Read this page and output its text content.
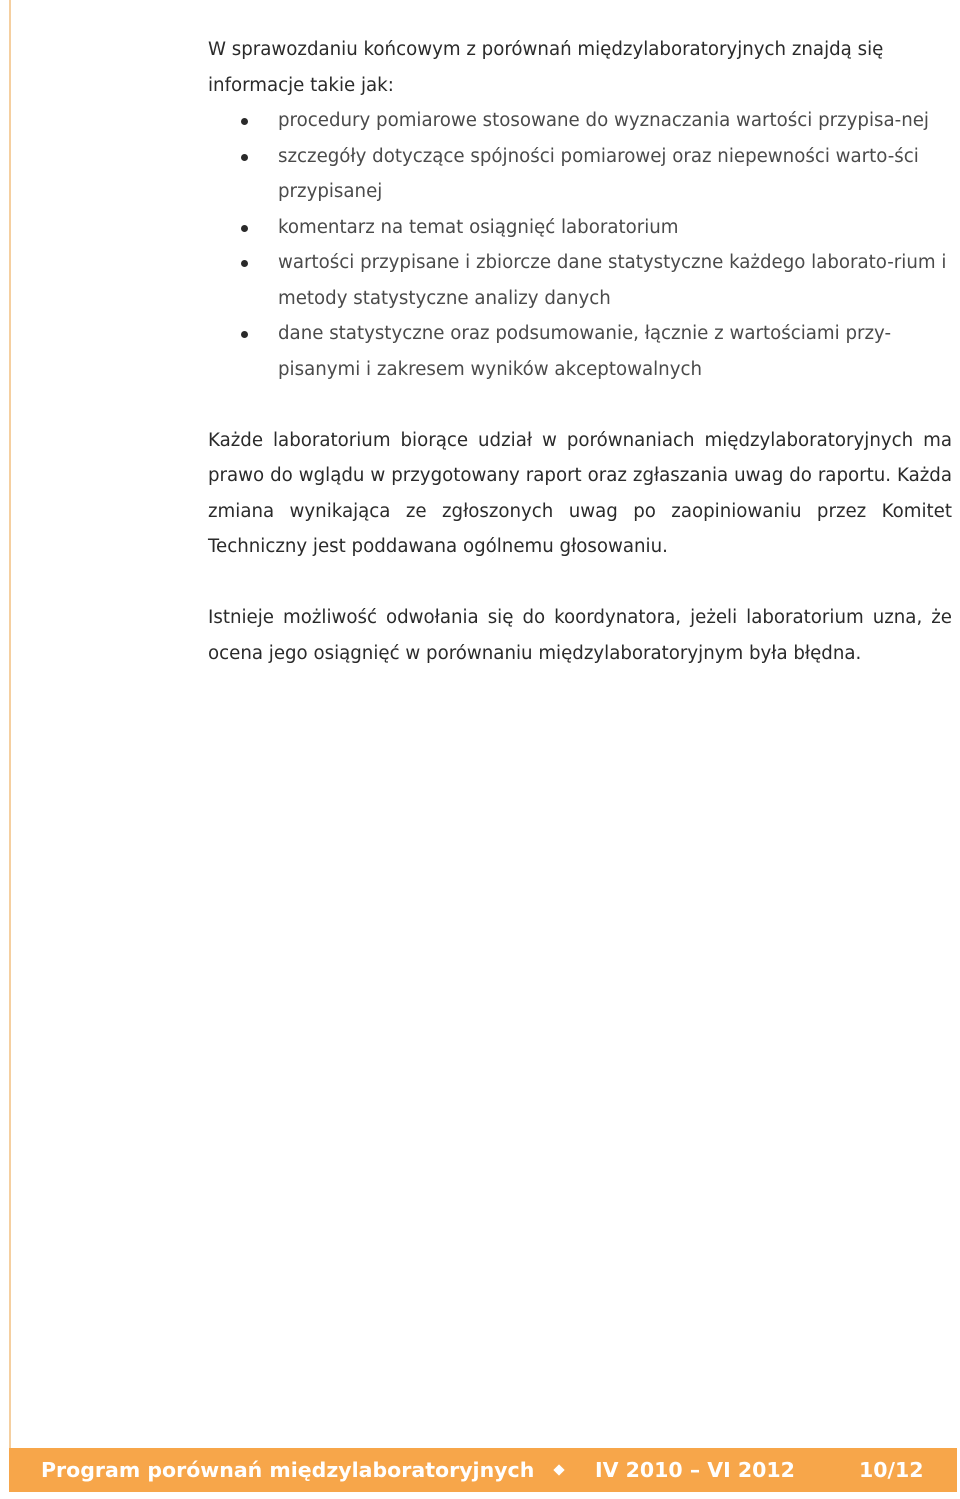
W sprawozdaniu końcowym z porównań międzylaboratoryjnych znajdą się informacje takie jak:

procedury pomiarowe stosowane do wyznaczania wartości przypisa-nej
szczegóły dotyczące spójności pomiarowej oraz niepewności warto-ści przypisanej
komentarz na temat osiągnięć laboratorium
wartości przypisane i zbiorcze dane statystyczne każdego laborato-rium i metody statystyczne analizy danych
dane statystyczne oraz podsumowanie, łącznie z wartościami przy-pisanymi i zakresem wyników akceptowalnych

Każde laboratorium biorące udział w porównaniach międzylaboratoryjnych ma prawo do wglądu w przygotowany raport oraz zgłaszania uwag do raportu. Każda zmiana wynikająca ze zgłoszonych uwag po zaopiniowaniu przez Komitet Techniczny jest poddawana ogólnemu głosowaniu.

Istnieje możliwość odwołania się do koordynatora, jeżeli laboratorium uzna, że ocena jego osiągnięć w porównaniu międzylaboratoryjnym była błędna.

Program porównań międzylaboratoryjnych	IV 2010 – VI 2012	10/12
